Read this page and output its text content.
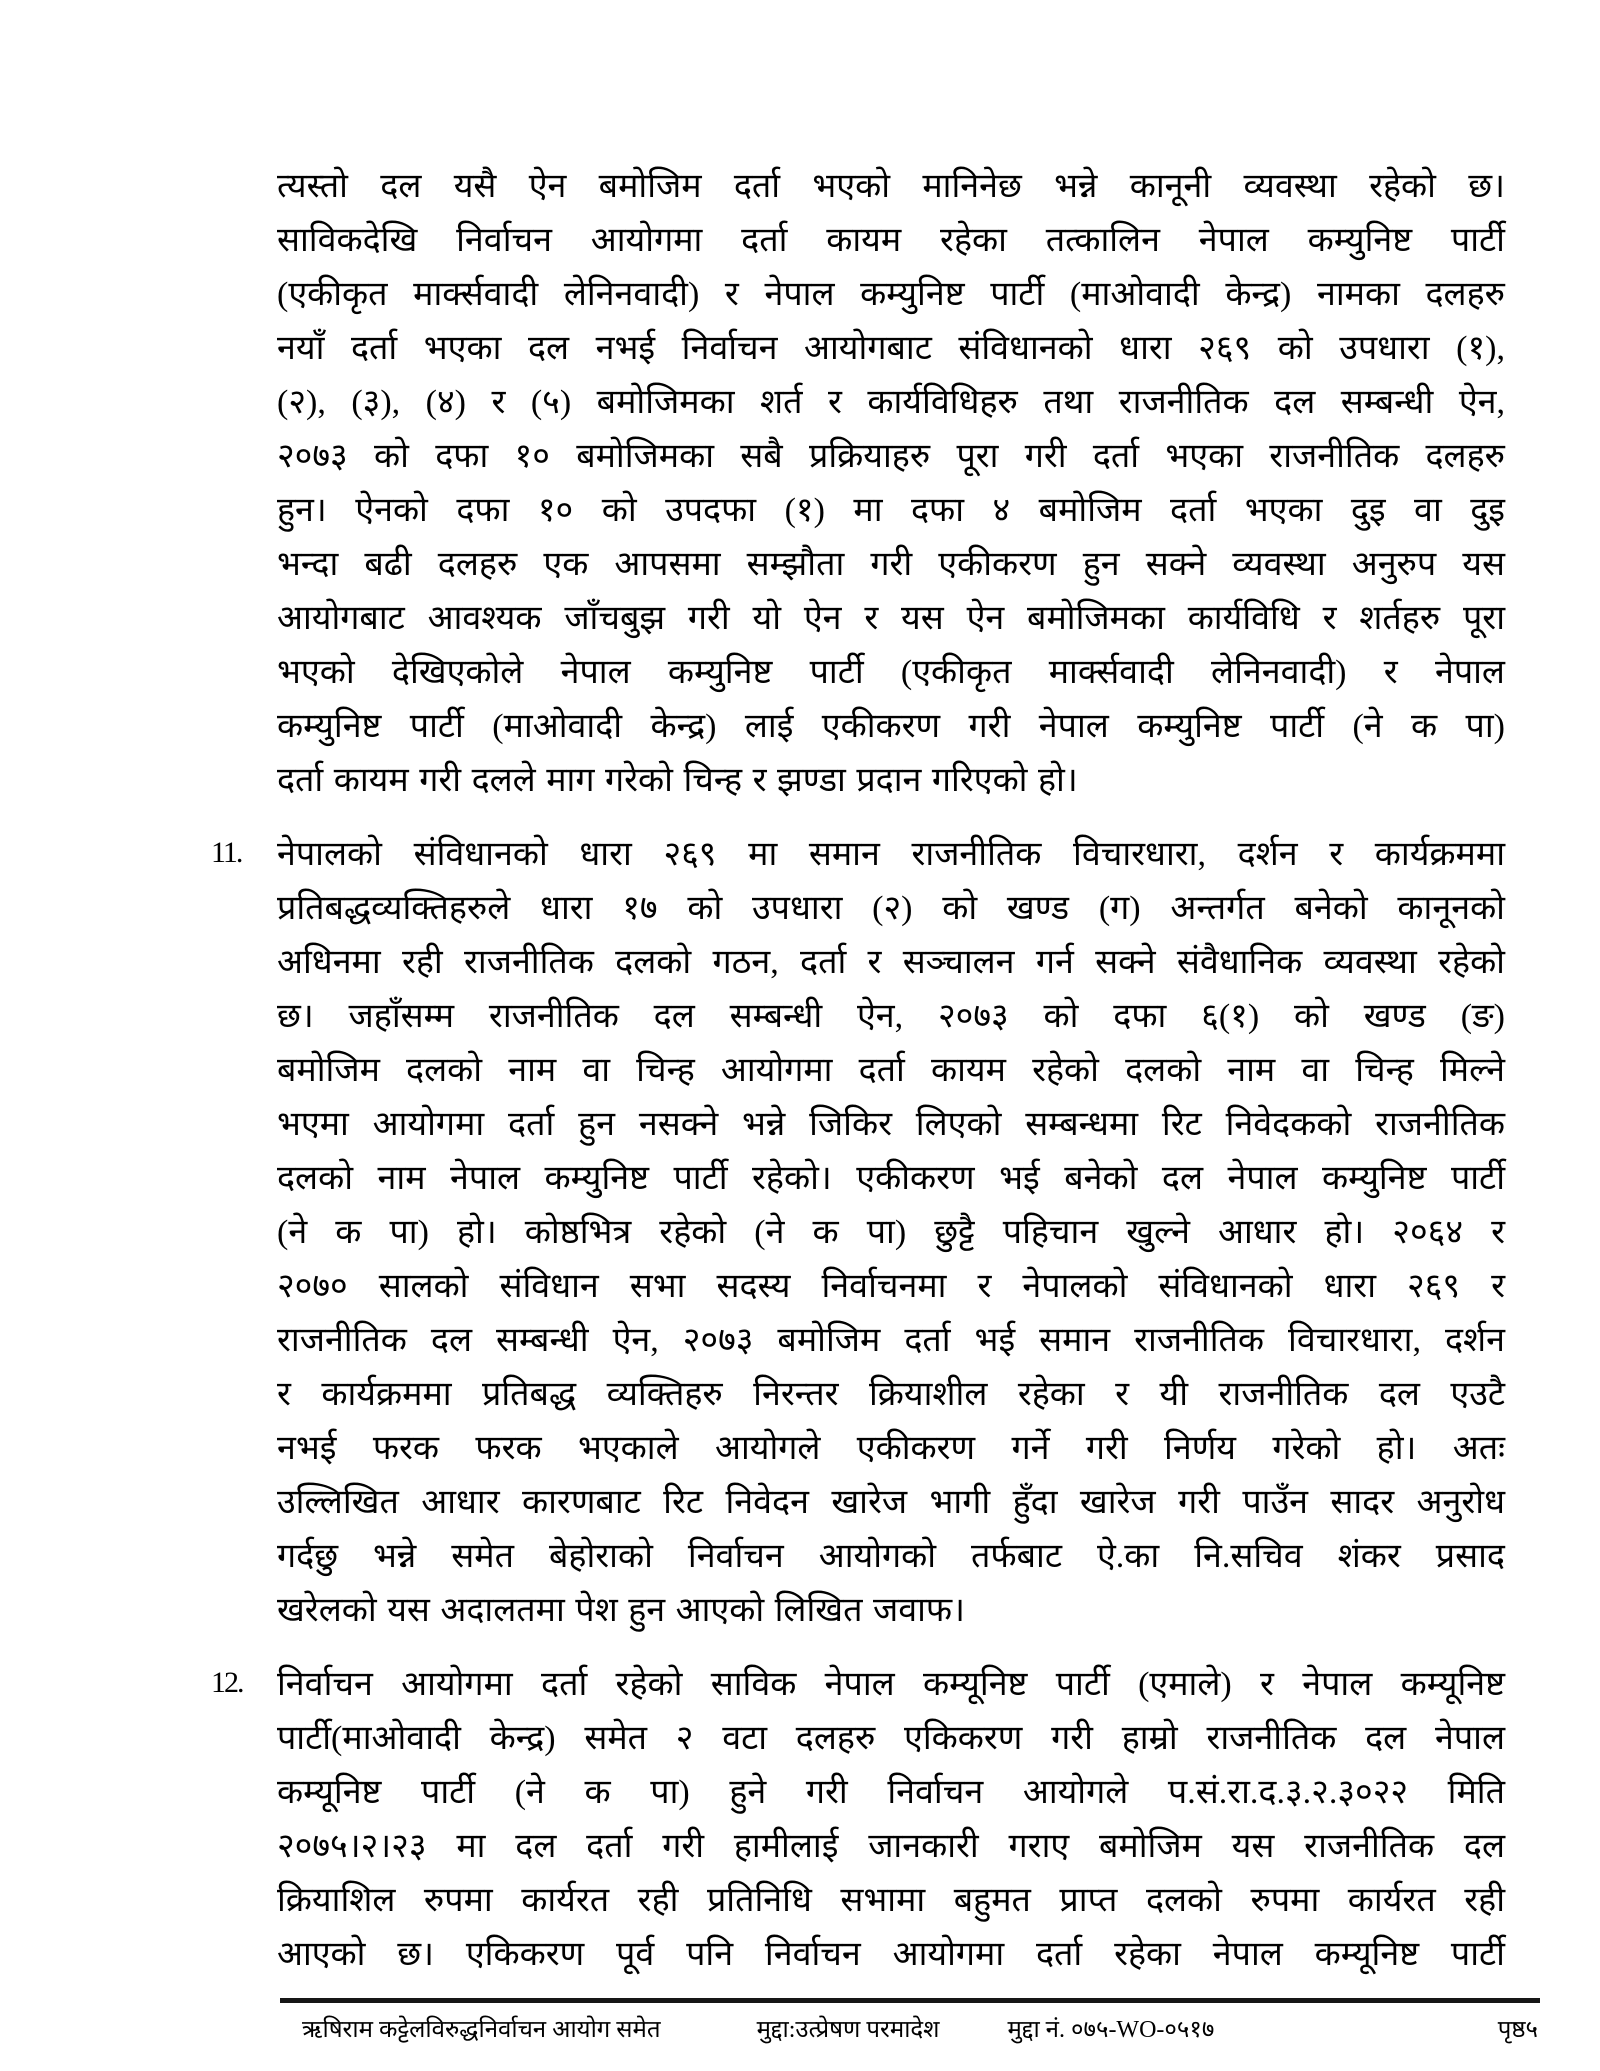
त्यस्तो दल यसै ऐन बमोजिम दर्ता भएको मानिनेछ भन्ने कानूनी व्यवस्था रहेको छ।
साविकदेखि निर्वाचन आयोगमा दर्ता कायम रहेका तत्कालिन नेपाल कम्युनिष्ट पार्टी
(एकीकृत मार्क्सवादी लेनिनवादी) र नेपाल कम्युनिष्ट पार्टी (माओवादी केन्द्र) नामका दलहरु
नयाँ दर्ता भएका दल नभई निर्वाचन आयोगबाट संविधानको धारा २६९ को उपधारा (१),
(२), (३), (४) र (५) बमोजिमका शर्त र कार्यविधिहरु तथा राजनीतिक दल सम्बन्धी ऐन,
२०७३ को दफा १० बमोजिमका सबै प्रक्रियाहरु पूरा गरी दर्ता भएका राजनीतिक दलहरु
हुन। ऐनको दफा १० को उपदफा (१) मा दफा ४ बमोजिम दर्ता भएका दुइ वा दुइ
भन्दा बढी दलहरु एक आपसमा सम्झौता गरी एकीकरण हुन सक्ने व्यवस्था अनुरुप यस
आयोगबाट आवश्यक जाँचबुझ गरी यो ऐन र यस ऐन बमोजिमका कार्यविधि र शर्तहरु पूरा
भएको देखिएकोले नेपाल कम्युनिष्ट पार्टी (एकीकृत मार्क्सवादी लेनिनवादी) र नेपाल
कम्युनिष्ट पार्टी (माओवादी केन्द्र) लाई एकीकरण गरी नेपाल कम्युनिष्ट पार्टी (ने क पा)
दर्ता कायम गरी दलले माग गरेको चिन्ह र झण्डा प्रदान गरिएको हो।
11. नेपालको संविधानको धारा २६९ मा समान राजनीतिक विचारधारा, दर्शन र कार्यक्रममा
प्रतिबद्धव्यक्तिहरुले धारा १७ को उपधारा (२) को खण्ड (ग) अन्तर्गत बनेको कानूनको
अधिनमा रही राजनीतिक दलको गठन, दर्ता र सञ्चालन गर्न सक्ने संवैधानिक व्यवस्था रहेको
छ। जहाँसम्म राजनीतिक दल सम्बन्धी ऐन, २०७३ को दफा ६(१) को खण्ड (ङ)
बमोजिम दलको नाम वा चिन्ह आयोगमा दर्ता कायम रहेको दलको नाम वा चिन्ह मिल्ने
भएमा आयोगमा दर्ता हुन नसक्ने भन्ने जिकिर लिएको सम्बन्धमा रिट निवेदकको राजनीतिक
दलको नाम नेपाल कम्युनिष्ट पार्टी रहेको। एकीकरण भई बनेको दल नेपाल कम्युनिष्ट पार्टी
(ने क पा) हो। कोष्ठभित्र रहेको (ने क पा) छुट्टै पहिचान खुल्ने आधार हो। २०६४ र
२०७० सालको संविधान सभा सदस्य निर्वाचनमा र नेपालको संविधानको धारा २६९ र
राजनीतिक दल सम्बन्धी ऐन, २०७३ बमोजिम दर्ता भई समान राजनीतिक विचारधारा, दर्शन
र कार्यक्रममा प्रतिबद्ध व्यक्तिहरु निरन्तर क्रियाशील रहेका र यी राजनीतिक दल एउटै
नभई फरक फरक भएकाले आयोगले एकीकरण गर्ने गरी निर्णय गरेको हो। अतः
उल्लिखित आधार कारणबाट रिट निवेदन खारेज भागी हुँदा खारेज गरी पाउँन सादर अनुरोध
गर्दछु भन्ने समेत बेहोराको निर्वाचन आयोगको तर्फबाट ऐ.का नि.सचिव शंकर प्रसाद
खरेलको यस अदालतमा पेश हुन आएको लिखित जवाफ।
12. निर्वाचन आयोगमा दर्ता रहेको साविक नेपाल कम्यूनिष्ट पार्टी (एमाले) र नेपाल कम्यूनिष्ट
पार्टी(माओवादी केन्द्र) समेत २ वटा दलहरु एकिकरण गरी हाम्रो राजनीतिक दल नेपाल
कम्यूनिष्ट पार्टी (ने क पा) हुने गरी निर्वाचन आयोगले प.सं.रा.द.३.२.३०२२ मिति
२०७५।२।२३ मा दल दर्ता गरी हामीलाई जानकारी गराए बमोजिम यस राजनीतिक दल
क्रियाशिल रुपमा कार्यरत रही प्रतिनिधि सभामा बहुमत प्राप्त दलको रुपमा कार्यरत रही
आएको छ। एकिकरण पूर्व पनि निर्वाचन आयोगमा दर्ता रहेका नेपाल कम्यूनिष्ट पार्टी
ऋषिराम कट्टेलविरुद्धनिर्वाचन आयोग समेत	मुद्दा:उत्प्रेषण परमादेश	मुद्दा नं. ०७५-WO-०५१७	पृष्ठ५
